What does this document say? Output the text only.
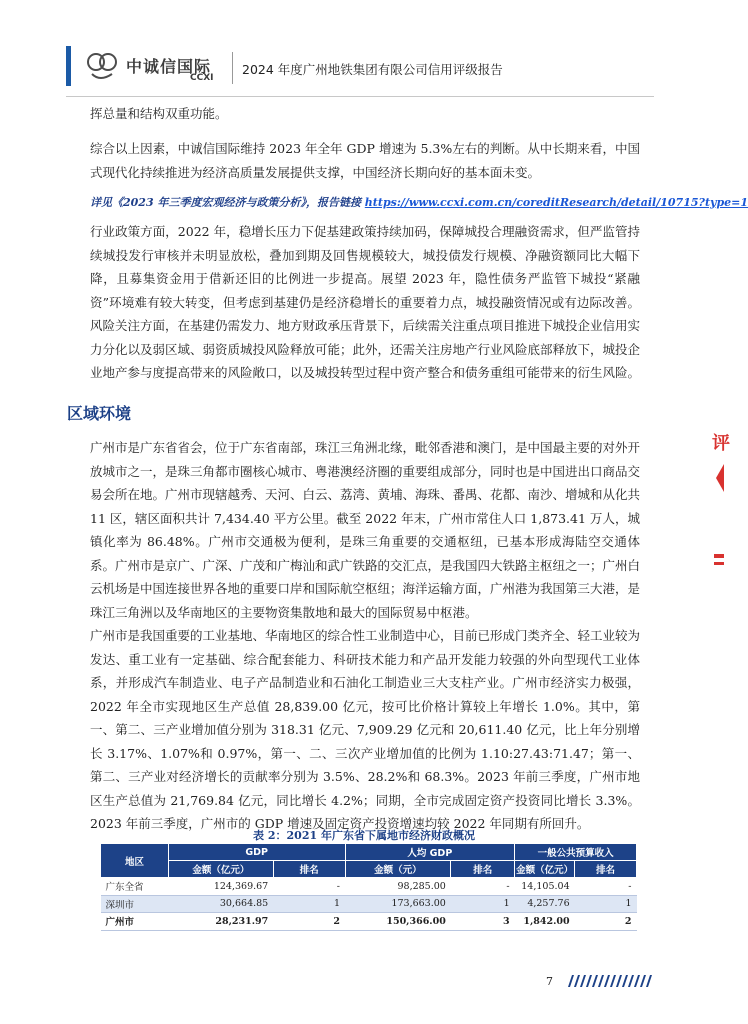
中诚信国际
CCXI
2024 年度广州地铁集团有限公司信用评级报告
挥总量和结构双重功能。
综合以上因素，中诚信国际维持 2023 年全年 GDP 增速为 5.3%左右的判断。从中长期来看，中国式现代化持续推进为经济高质量发展提供支撑，中国经济长期向好的基本面未变。
详见《2023 年三季度宏观经济与政策分析》，报告链接 https://www.ccxi.com.cn/coreditResearch/detail/10715?type=1
行业政策方面，2022 年，稳增长压力下促基建政策持续加码，保障城投合理融资需求，但严监管持续城投发行审核并未明显放松，叠加到期及回售规模较大，城投债发行规模、净融资额同比大幅下降，且募集资金用于借新还旧的比例进一步提高。展望 2023 年，隐性债务严监管下城投“紧融资”环境难有较大转变，但考虑到基建仍是经济稳增长的重要着力点，城投融资情况或有边际改善。风险关注方面，在基建仍需发力、地方财政承压背景下，后续需关注重点项目推进下城投企业信用实力分化以及弱区域、弱资质城投风险释放可能；此外，还需关注房地产行业风险底部释放下，城投企业地产参与度提高带来的风险敞口，以及城投转型过程中资产整合和债务重组可能带来的衍生风险。
区域环境
广州市是广东省省会，位于广东省南部，珠江三角洲北缘，毗邻香港和澳门，是中国最主要的对外开放城市之一，是珠三角都市圈核心城市、粤港澳经济圈的重要组成部分，同时也是中国进出口商品交易会所在地。广州市现辖越秀、天河、白云、荔湾、黄埔、海珠、番禺、花都、南沙、增城和从化共 11 区，辖区面积共计 7,434.40 平方公里。截至 2022 年末，广州市常住人口 1,873.41 万人，城镇化率为 86.48%。广州市交通极为便利，是珠三角重要的交通枢纽，已基本形成海陆空交通体系。广州市是京广、广深、广茂和广梅汕和武广铁路的交汇点，是我国四大铁路主枢纽之一；广州白云机场是中国连接世界各地的重要口岸和国际航空枢纽；海洋运输方面，广州港为我国第三大港，是珠江三角洲以及华南地区的主要物资集散地和最大的国际贸易中枢港。
广州市是我国重要的工业基地、华南地区的综合性工业制造中心，目前已形成门类齐全、轻工业较为发达、重工业有一定基础、综合配套能力、科研技术能力和产品开发能力较强的外向型现代工业体系，并形成汽车制造业、电子产品制造业和石油化工制造业三大支柱产业。广州市经济实力极强，2022 年全市实现地区生产总值 28,839.00 亿元，按可比价格计算较上年增长 1.0%。其中，第一、第二、三产业增加值分别为 318.31 亿元、7,909.29 亿元和 20,611.40 亿元，比上年分别增长 3.17%、1.07%和 0.97%，第一、二、三次产业增加值的比例为 1.10:27.43:71.47；第一、第二、三产业对经济增长的贡献率分别为 3.5%、28.2%和 68.3%。2023 年前三季度，广州市地区生产总值为 21,769.84 亿元，同比增长 4.2%；同期，全市完成固定资产投资同比增长 3.3%。2023 年前三季度，广州市的 GDP 增速及固定资产投资增速均较 2022 年同期有所回升。
评
表 2：2021 年广东省下属地市经济财政概况
地区	GDP		人均 GDP		一般公共预算收入	
	金额（亿元）	排名	金额（元）	排名	金额（亿元）	排名
广东全省	124,369.67	-	98,285.00	-	14,105.04	-
深圳市	30,664.85	1	173,663.00	1	4,257.76	1
广州市	28,231.97	2	150,366.00	3	1,842.00	2
7
